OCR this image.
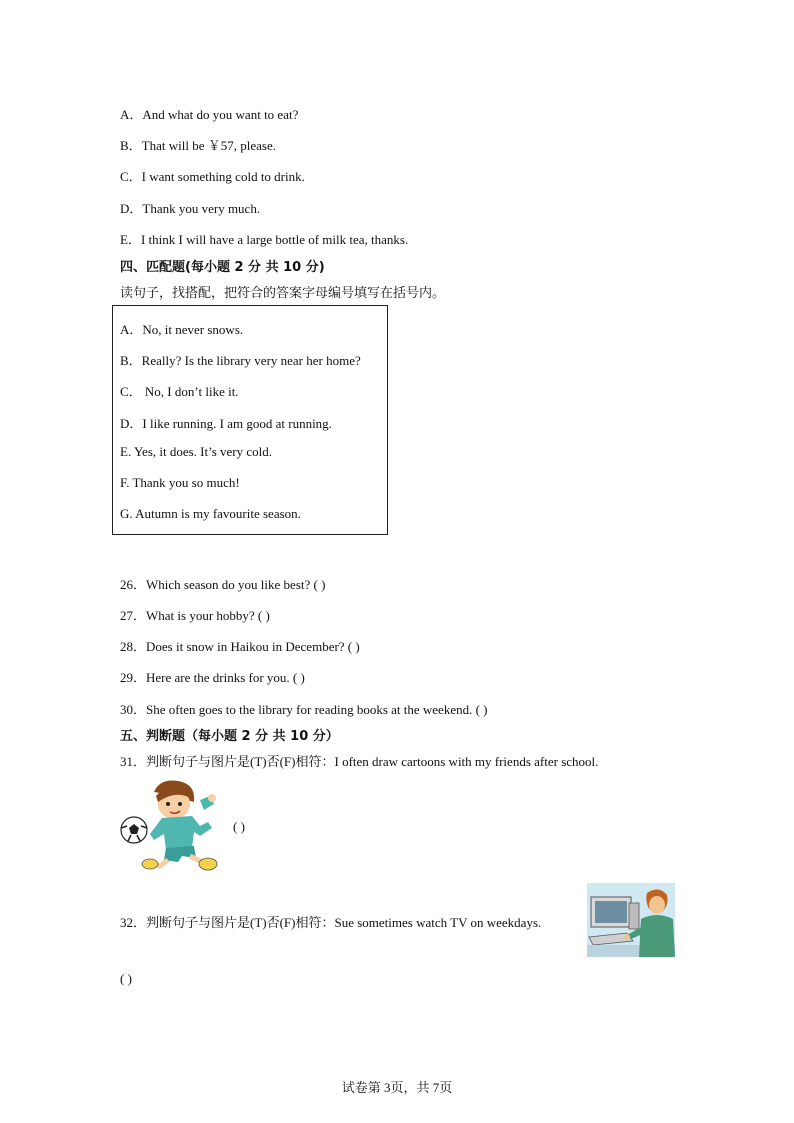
A．And what do you want to eat?
B．That will be ￥57, please.
C．I want something cold to drink.
D．Thank you very much.
E．I think I will have a large bottle of milk tea, thanks.
四、匹配题(每小题 2 分 共 10 分)
读句子，找搭配，把符合的答案字母编号填写在括号内。
A．No, it never snows.
B．Really? Is the library very near her home?
C． No, I don’t like it.
D．I like running. I am good at running.
E. Yes, it does. It’s very cold.
F. Thank you so much!
G. Autumn is my favourite season.
26．Which season do you like best? ( )
27．What is your hobby? ( )
28．Does it snow in Haikou in December? ( )
29．Here are the drinks for you. ( )
30．She often goes to the library for reading books at the weekend. ( )
五、判断题（每小题 2 分 共 10 分）
31．判断句子与图片是(T)否(F)相符：I often draw cartoons with my friends after school.
( )
32．判断句子与图片是(T)否(F)相符：Sue sometimes watch TV on weekdays.
( )
试卷第 3页，共 7页
